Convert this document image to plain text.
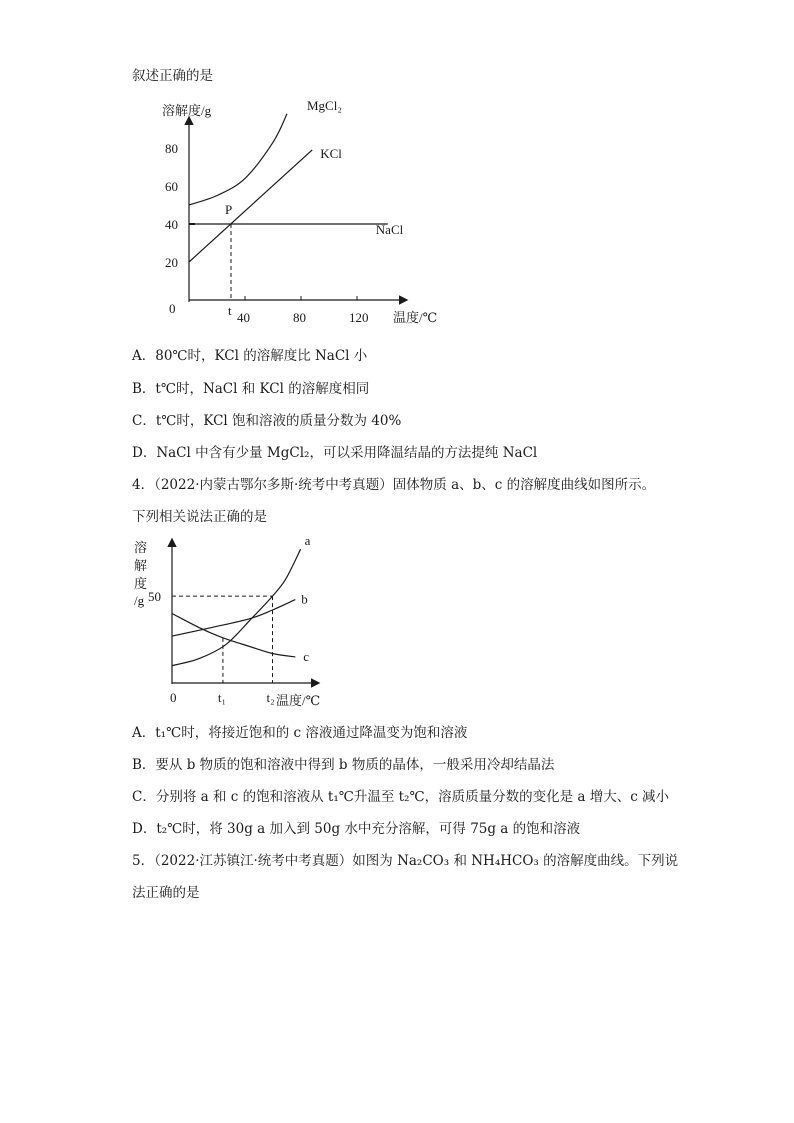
叙述正确的是
溶解度/g
温度/℃
0
40	80	120
20
40
60
80
MgCl₂
KCl
NaCl
P
t
A．80℃时，KCl 的溶解度比 NaCl 小
B．t℃时，NaCl 和 KCl 的溶解度相同
C．t℃时，KCl 饱和溶液的质量分数为 40%
D．NaCl 中含有少量 MgCl₂，可以采用降温结晶的方法提纯 NaCl
4．（2022·内蒙古鄂尔多斯·统考中考真题）固体物质 a、b、c 的溶解度曲线如图所示。
下列相关说法正确的是
溶
解
度
/g
温度/℃
0	t₁	t₂
50
a
b
c
A．t₁℃时，将接近饱和的 c 溶液通过降温变为饱和溶液
B．要从 b 物质的饱和溶液中得到 b 物质的晶体，一般采用冷却结晶法
C．分别将 a 和 c 的饱和溶液从 t₁℃升温至 t₂℃，溶质质量分数的变化是 a 增大、c 减小
D．t₂℃时，将 30g a 加入到 50g 水中充分溶解，可得 75g a 的饱和溶液
5．（2022·江苏镇江·统考中考真题）如图为 Na₂CO₃ 和 NH₄HCO₃ 的溶解度曲线。下列说
法正确的是
